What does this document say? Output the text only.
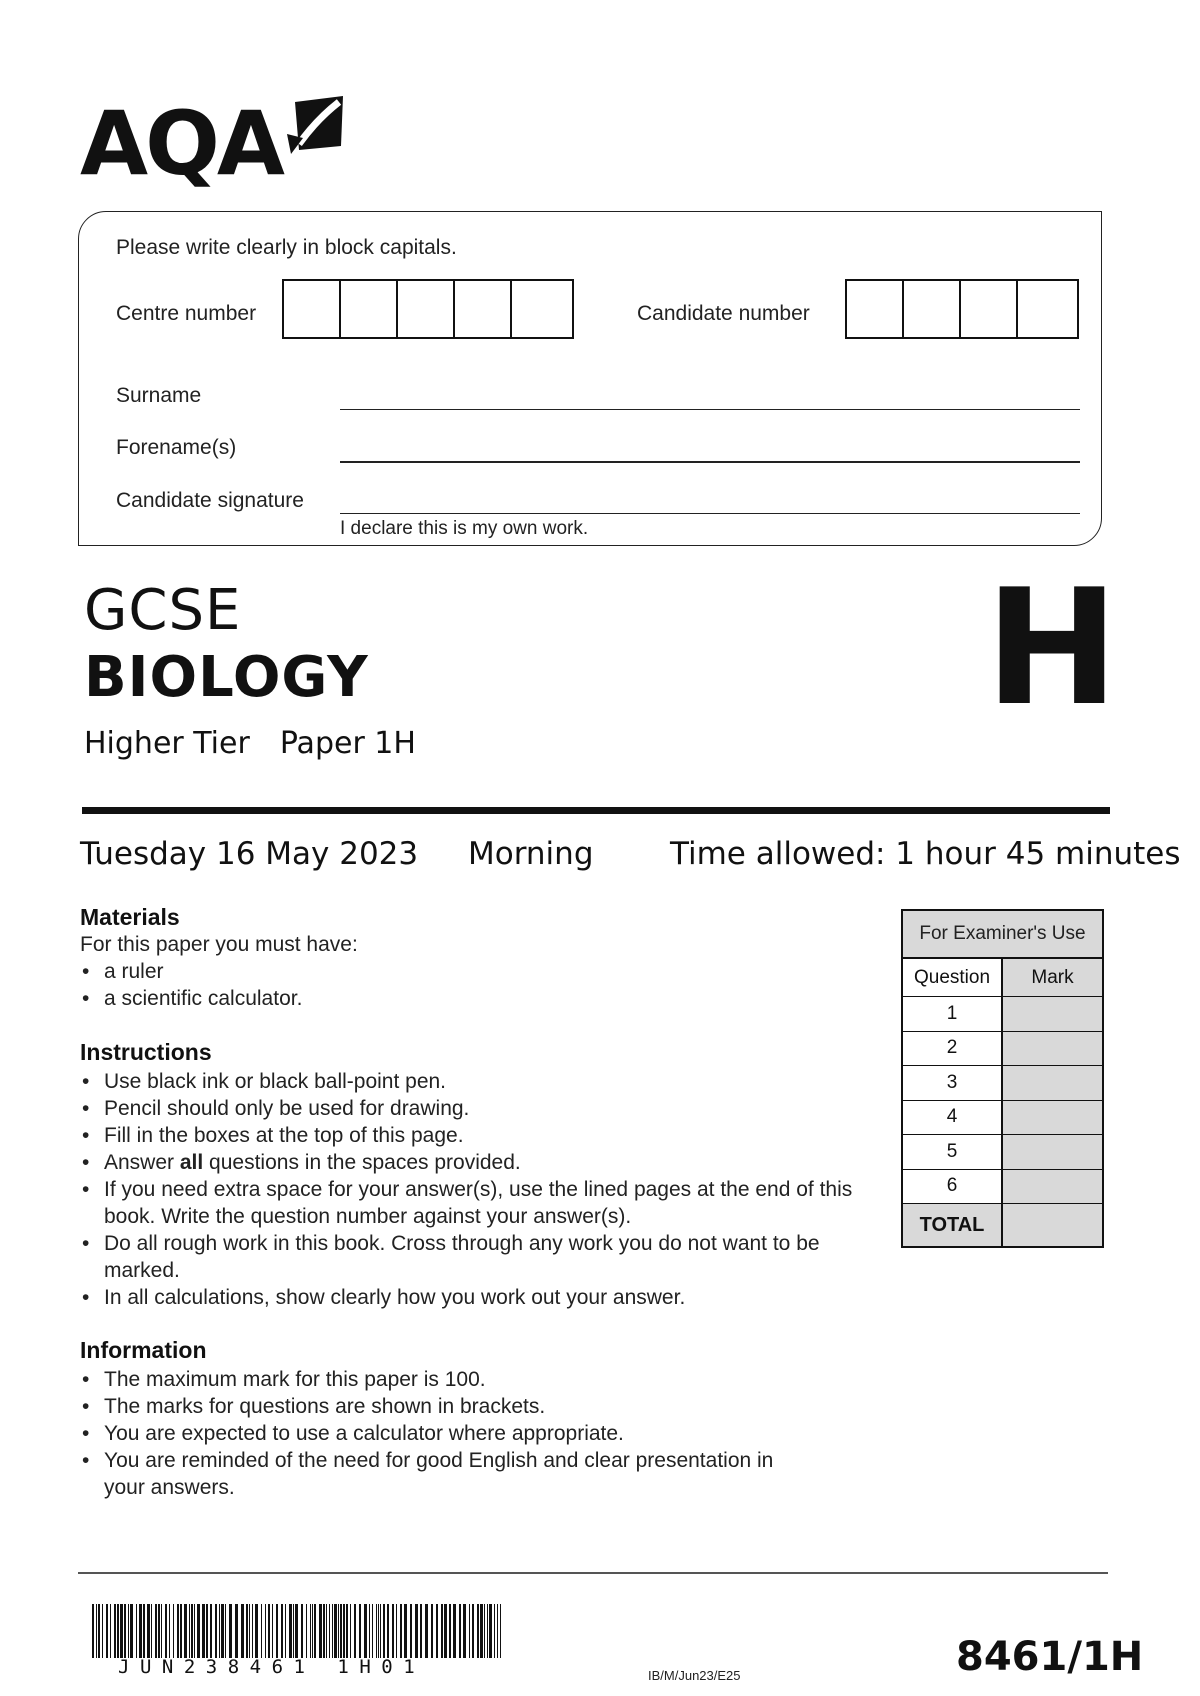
AQA
Please write clearly in block capitals.
Centre number	Candidate number
Surname
Forename(s)
Candidate signature
I declare this is my own work.
GCSE
BIOLOGY
Higher Tier Paper 1H
H
Tuesday 16 May 2023 Morning Time allowed: 1 hour 45 minutes
Materials
For this paper you must have:
• a ruler
• a scientific calculator.
Instructions
• Use black ink or black ball-point pen.
• Pencil should only be used for drawing.
• Fill in the boxes at the top of this page.
• Answer all questions in the spaces provided.
• If you need extra space for your answer(s), use the lined pages at the end of this book. Write the question number against your answer(s).
• Do all rough work in this book. Cross through any work you do not want to be marked.
• In all calculations, show clearly how you work out your answer.
Information
• The maximum mark for this paper is 100.
• The marks for questions are shown in brackets.
• You are expected to use a calculator where appropriate.
• You are reminded of the need for good English and clear presentation in your answers.
For Examiner's Use
Question	Mark
1
2
3
4
5
6
TOTAL
JUN238461 1H01	IB/M/Jun23/E25	8461/1H
